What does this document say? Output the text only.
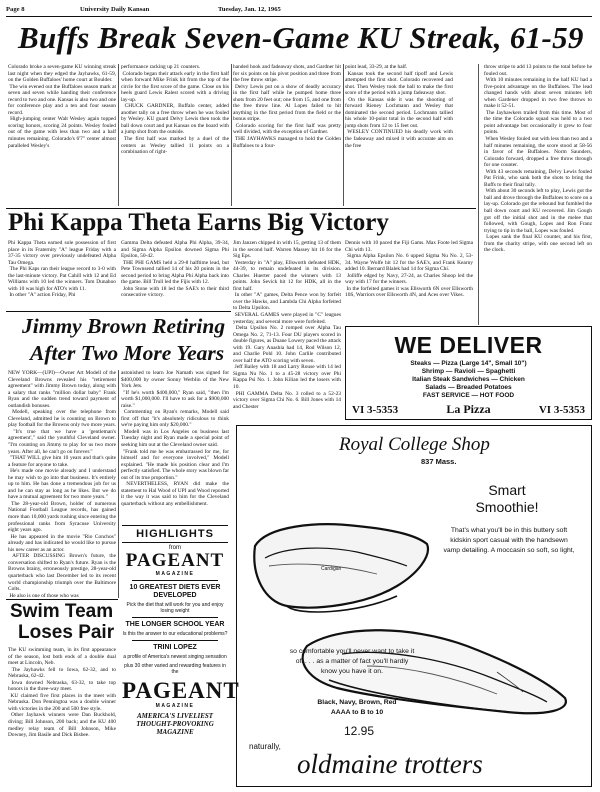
Page 8	University Daily Kansan	Tuesday, Jan. 12, 1965
Buffs Break Seven-Game KU Streak, 61-59
Colorado broke a seven-game KU winning streak last night when they edged the Jayhawks, 61-59, on the Golden Buffaloes' home court at Boulder.
The win evened out the Buffaloes season mark at seven and seven while handing their conference record to two and one. Kansas is also two and one for conference play and a ten and four season record.
High-jumping center Walt Wesley again topped scoring honors, scoring 24 points. Wesley fouled out of the game with less than two and a half minutes remaining. Colorado's 6'7" center almost paralleled Wesley's
performance racking up 21 counters.
Colorado began their attack early in the first half when forward Mike Frink hit from the top of the circle for the first score of the game. Close on his heels guard Lewis Ralest scored with a driving lay-up.
CHUCK GARDNER, Buffalo center, added another tally on a free throw when he was fouled by Wesley. KU guard Delvy Lewis then took the ball down court and put Kansas on the board with a jump shot from the outside.
The first half was marked by a duel of the centers as Wesley tallied 11 points on a combination of right-
handed hook and fadeaway shots, and Gardner hit for six points on his pivot position and three from the free throw stripe.
Delvy Lewis put on a show of deadly accuracy in the first half while he pumped home three shots from 20 feet out; one from 15, and one from the free throw line. Al Lopes failed to hit anything in the first period from the field or the bonus stripe.
Colorado scoring for the first half was pretty well divided, with the exception of Gardner.
THE JAYHAWKS managed to hold the Golden Buffaloes to a four-
point lead, 33-29, at the half.
Kansas took the second half tipoff and Lewis attempted the first shot. Colorado recovered and shot. Then Wesley took the ball to make the first score of the period with a jump fadeaway shot.
On the Kansas side it was the shooting of forward Rieney Lochmann and Wesley that dominated the second period. Lochmann tallied his whole 10-point total in the second half with jump shots from 12 to 15 feet out.
WESLEY CONTINUED his deadly work with the fadeaway and mixed it with accurate aim on the free
throw stripe to add 13 points to the total before he fouled out.
With 10 minutes remaining in the half KU had a five-point advantage on the Buffaloes. The lead changed hands with about seven minutes left when Gardener dropped in two free throws to make it 52-51.
The Jayhawkers trailed from this time. Most of the time the Colorado squad was held to a two point advantage but occasionally it grew to four points.
When Wesley fouled out with less than two and a half minutes remaining, the score stood at 58-56 in favor of the Buffaloes. Norm Saunders, Colorado forward, dropped a free throw through for one counter.
With 43 seconds remaining, Delvy Lewis fouled Pat Frink, who sank both the shots to bring the Buffs to their final tally.
With about 30 seconds left to play, Lewis got the ball and drove through the Buffaloes to score on a lay-up. Colorado got the rebound but fumbled the ball down court and KU recovered. Jim Gough got off the initial shot and in the melee that followed, with Gough, Lopes and Ron Franz trying to tip in the ball, Lopes was fouled.
Lopes sank the final KU counter, and his first, from the charity stripe, with one second left on the clock.
Phi Kappa Theta Earns Big Victory
Phi Kappa Theta earned sole possession of first place in its Fraternity "A" league Friday with a 37-35 victory over previously undefeated Alpha Tau Omega.
The Phi Kaps ran their league record to 3-0 with the last-minute victory. Pat Cahill with 12 and Ed Williams with 10 led the winners. Tom Dunahoo with 10 was high for ATO's with 11.
In other "A" action Friday, Phi
Gamma Delta defeated Alpha Phi Alpha, 39-34, and Sigma Alpha Epsilon downed Sigma Phi Epsilon, 50-42.
THE PHI GAMS held a 29-8 halftime lead, but Pete Townsend tallied 14 of his 20 points in the second period to bring Alpha Phi Alpha back into the game. Bill Trull led the Fijis with 12.
John Stone with 18 led the SAE's to their third consecutive victory.
Jim Janzen chipped in with 15, getting 13 of them in the second half. Warren Massey hit 16 for the Sig Eps.
Yesterday in "A" play, Ellsworth defeated HDK, 44-39, to remain undefeated in its division. Charles Huerter paced the winners with 13 points. John Sevick hit 12 for HDK, all in the first half.
In other "A" games, Delta Pence won by forfeit over the Hawks, and Lambda Chi Alpha forfeited to Delta Upsilon.
SEVERAL GAMES were played in "C" leagues yesterday, and several more were forfeited.
Delta Upsilon No. 2 romped over Alpha Tau Omega No. 2, 71-13. Four DU players scored in double figures, as Duane Lowery paced the attack with 19. Gary Anashia had 14, Rod Wilson 12, and Charlie Pohl 10. John Carlile contributed over half the ATO scoring with seven.
Jeff Bailey with 18 and Larry Rouse with 14 led Sigma Nu No. 1 to a 45-28 victory over Phi Kappa Psi No. 1. John Kilian led the losers with 10.
PHI GAMMA Delta No. 3 rolled to a 52-23 victory over Sigma Chi No. 6. Bill Jones with 14 and Chester
Dennis with 10 paced the Fiji Gams. Max Foote led Sigma Chi with 13.
Sigma Alpha Epsilon No. 6 upped Sigma Nu No. 2, 53-34. Wayne Wolfe hit 12 for the SAE's, and Frank Kearny added 10. Bernard Blalek had 14 for Sigma Chi.
Jolliffe edged by Navy, 27-24, as Charles Shoop led the way with 17 for the winners.
In the forfeited games it was Ellsworth 6N over Ellsworth 10S, Warriors over Ellsworth 4N, and Aces over Vikes.
Jimmy Brown Retiring
After Two More Years
NEW YORK—(UPI)—Owner Art Modell of the Cleveland Browns revealed his "retirement agreement" with Jimmy Brown today, along with a salary that ranks "million dollar baby" Frank Ryan and the sudden trend toward payment of outlandish bonuses.
Modell, speaking over the telephone from Cleveland, admitted he is counting on Brown to play football for the Browns only two more years.
"It's true that we have a 'gentleman's agreement'," said the youthful Cleveland owner. "I'm counting on Jimmy to play for us two more years. After all, he can't go on forever."
"THAT WILL give him 10 years and that's quite a feature for anyone to take.
He's made one movie already and I understand he may wish to go into that business. It's entirely up to him. He has done a tremendous job for us and he can stay as long as he likes. But we do have a mutual agreement for two more years."
The 28-year-old Brown, holder of numerous National Football League records, has gained more than 10,000 yards rushing since entering the professional ranks from Syracuse University eight years ago.
He has appeared in the movie "Rio Conchos" already and has indicated he would like to pursue his new career as an actor.
AFTER DISCUSSING Brown's future, the conversation shifted to Ryan's future. Ryan is the Browns brainy, erroneously prestige, 28-year-old quarterback who last December led to its recent world championship triumph over the Baltimore Colts.
He also is one of those who was
astonished to learn Joe Namath was signed for $400,000 by owner Sonny Werblin of the New York Jets.
"If he's worth $400,000," Ryan said, "then I'm worth $1,000,000. I'll have to ask for a $900,000 raise."
Commenting on Ryan's remarks, Modell said first off that "it's absolutely ridiculous to think we're paying him only $20,000."
Modell was in Los Angeles on business last Tuesday night and Ryan made a special point of seeking him out at the Cleveland owner said.
"Frank told me he was embarrassed for me, for himself and for everyone involved," Modell explained. "He made his position clear and I'm perfectly satisfied. The whole story was blown far out of its true proportion."
NEVERTHELESS, RYAN did make the statement to Hal Wood of UPI and Wood reported it the way it was said to him for the Cleveland quarterback without any embellishment.
HIGHLIGHTS
from
PAGEANT
MAGAZINE
10 GREATEST DIETS EVER DEVELOPED
Pick the diet that will work for you and enjoy losing weight
THE LONGER SCHOOL YEAR
Is this the answer to our educational problems?
TRINI LOPEZ
a profile of America's newest singing sensation
plus 30 other varied and rewarding features in the
PAGEANT
MAGAZINE
AMERICA'S LIVELIEST THOUGHT-PROVOKING MAGAZINE
Swim Team
Loses Pair
The KU swimming team, in its first appearance of the season, lost both ends of a double dual meet at Lincoln, Neb.
The Jayhawks fell to Iowa, 62-32, and to Nebraska, 62-42.
Iowa downed Nebraska, 63-32, to take top honors in the three-way meet.
KU claimed five first places in the meet with Nebraska. Don Penningtoa was a double winner with victories in the 200 and 500 free style.
Other Jayhawk winners were Dan Buckhold, diving; Bill Johnson, 200 back; and the KU 400 medley relay team of Bill Johnson, Mike Downey, Jim Basile and Dick Bisbee.
WE DELIVER
Steaks — Pizza (Large 14", Small 10")
Shrimp — Ravioli — Spaghetti
Italian Steak Sandwiches — Chicken
Salads — Breaded Potatoes
FAST SERVICE — HOT FOOD
VI 3-5353	La Pizza	VI 3-5353
Royal College Shop
837 Mass.
Smart
Smoothie!
That's what you'll be in this buttery soft kidskin sport casual with the handsewn vamp detailing. A moccasin so soft, so light,
Cardigan
so comfortable you'll never want to take it off . . . as a matter of fact you'll hardly know you have it on.
Black, Navy, Brown, Red
AAAA to B to 10
12.95
naturally,
oldmaine trotters
